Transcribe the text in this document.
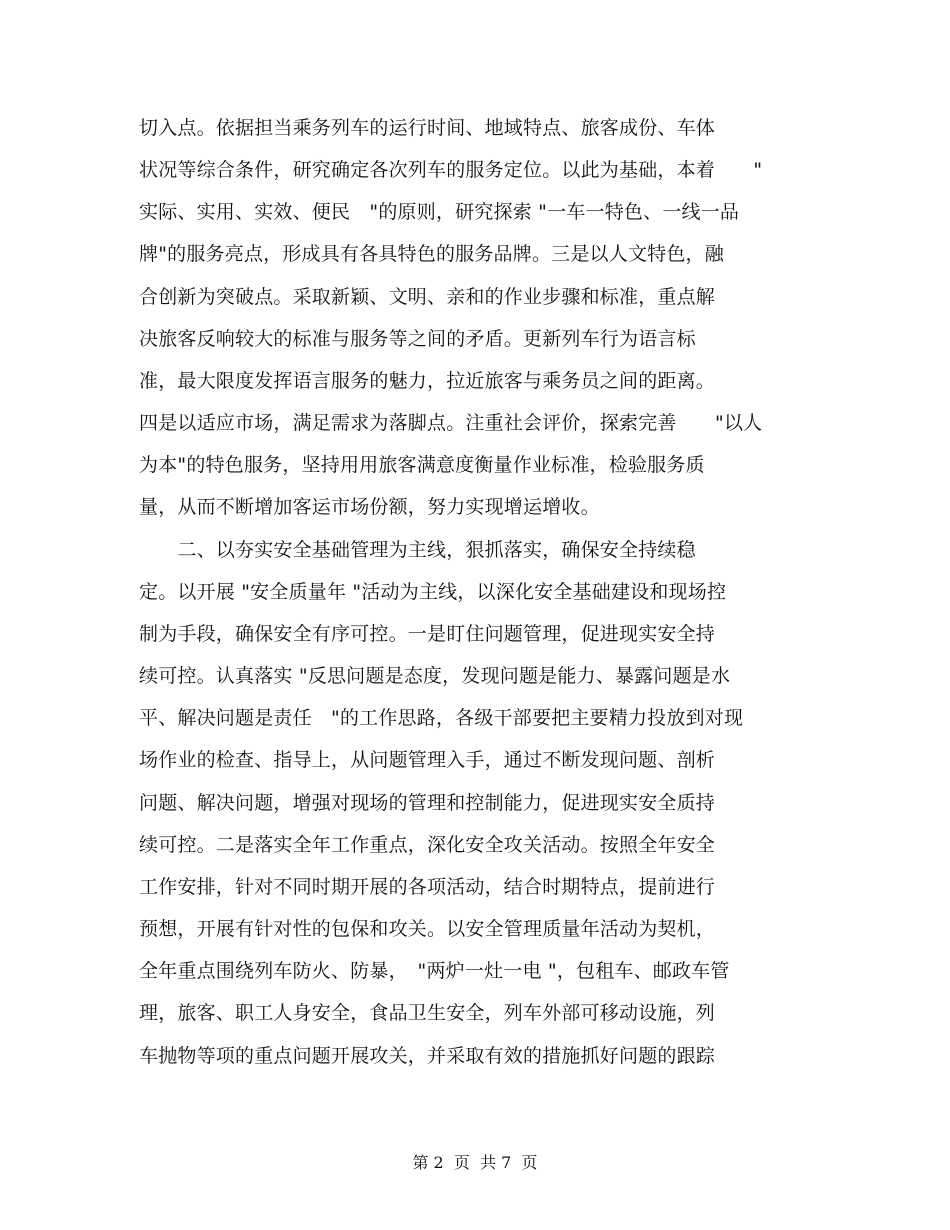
切入点。依据担当乘务列车的运行时间、地域特点、旅客成份、车体
状况等综合条件，研究确定各次列车的服务定位。以此为基础，本着　　"
实际、实用、实效、便民　"的原则，研究探索 "一车一特色、一线一品
牌"的服务亮点，形成具有各具特色的服务品牌。三是以人文特色，融
合创新为突破点。采取新颖、文明、亲和的作业步骤和标准，重点解
决旅客反响较大的标准与服务等之间的矛盾。更新列车行为语言标
准，最大限度发挥语言服务的魅力，拉近旅客与乘务员之间的距离。
四是以适应市场，满足需求为落脚点。注重社会评价，探索完善　　"以人
为本"的特色服务，坚持用用旅客满意度衡量作业标准，检验服务质
量，从而不断增加客运市场份额，努力实现增运增收。
　　二、以夯实安全基础管理为主线，狠抓落实，确保安全持续稳
定。以开展 "安全质量年 "活动为主线，以深化安全基础建设和现场控
制为手段，确保安全有序可控。一是盯住问题管理，促进现实安全持
续可控。认真落实 "反思问题是态度，发现问题是能力、暴露问题是水
平、解决问题是责任　"的工作思路，各级干部要把主要精力投放到对现
场作业的检查、指导上，从问题管理入手，通过不断发现问题、剖析
问题、解决问题，增强对现场的管理和控制能力，促进现实安全质持
续可控。二是落实全年工作重点，深化安全攻关活动。按照全年安全
工作安排，针对不同时期开展的各项活动，结合时期特点，提前进行
预想，开展有针对性的包保和攻关。以安全管理质量年活动为契机，
全年重点围绕列车防火、防暴，　"两炉一灶一电 "，包租车、邮政车管
理，旅客、职工人身安全，食品卫生安全，列车外部可移动设施，列
车抛物等项的重点问题开展攻关，并采取有效的措施抓好问题的跟踪
第 2  页  共 7  页
